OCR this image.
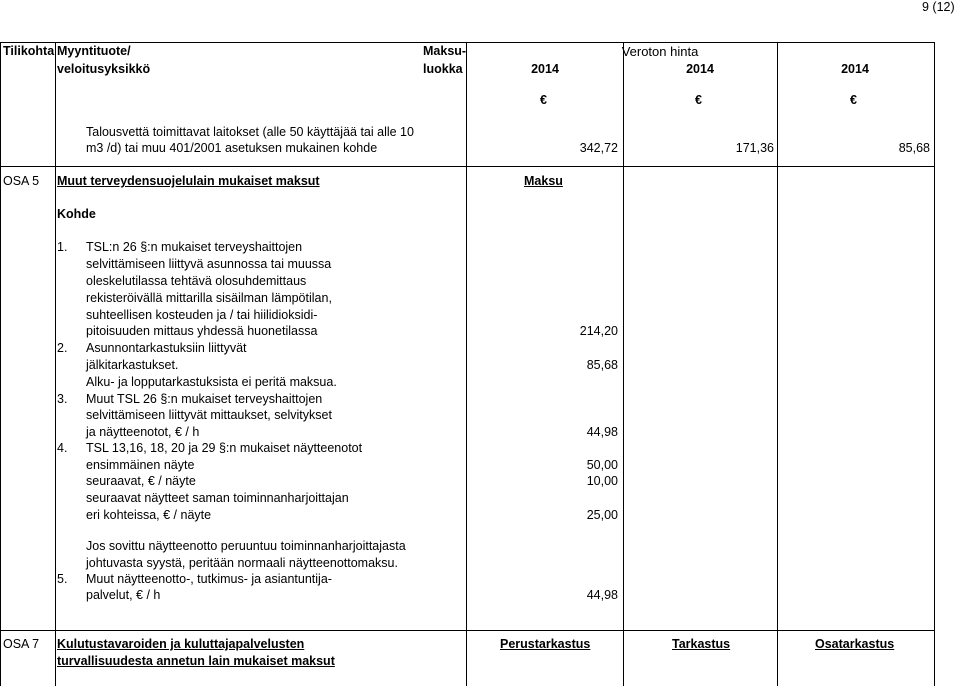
9 (12)
Tilikohta Myyntituote/
veloitusyksikkö
Maksu-
luokka
Veroton hinta
2014	2014	2014
€	€	€
Talousvettä toimittavat laitokset (alle 50 käyttäjää tai alle 10
m3 /d) tai muu 401/2001 asetuksen mukainen kohde	342,72	171,36	85,68
OSA 5 Muut terveydensuojelulain mukaiset maksut	Maksu
Kohde
1. TSL:n 26 §:n mukaiset terveyshaittojen
selvittämiseen liittyvä asunnossa tai muussa
oleskelutilassa tehtävä olosuhdemittaus
rekisteröivällä mittarilla sisäilman lämpötilan,
suhteellisen kosteuden ja / tai hiilidioksidi-
pitoisuuden mittaus yhdessä huonetilassa	214,20
2. Asunnontarkastuksiin liittyvät
jälkitarkastukset.	85,68
Alku- ja lopputarkastuksista ei peritä maksua.
3. Muut TSL 26 §:n mukaiset terveyshaittojen
selvittämiseen liittyvät mittaukset, selvitykset
ja näytteenotot, € / h	44,98
4. TSL 13,16, 18, 20 ja 29 §:n mukaiset näytteenotot
ensimmäinen näyte	50,00
seuraavat, € / näyte	10,00
seuraavat näytteet saman toiminnanharjoittajan
eri kohteissa, € / näyte	25,00
Jos sovittu näytteenotto peruuntuu toiminnanharjoittajasta
johtuvasta syystä, peritään normaali näytteenottomaksu.
5. Muut näytteenotto-, tutkimus- ja asiantuntija-
palvelut, € / h	44,98
OSA 7 Kulutustavaroiden ja kuluttajapalvelusten
turvallisuudesta annetun lain mukaiset maksut
Perustarkastus	Tarkastus	Osatarkastus
